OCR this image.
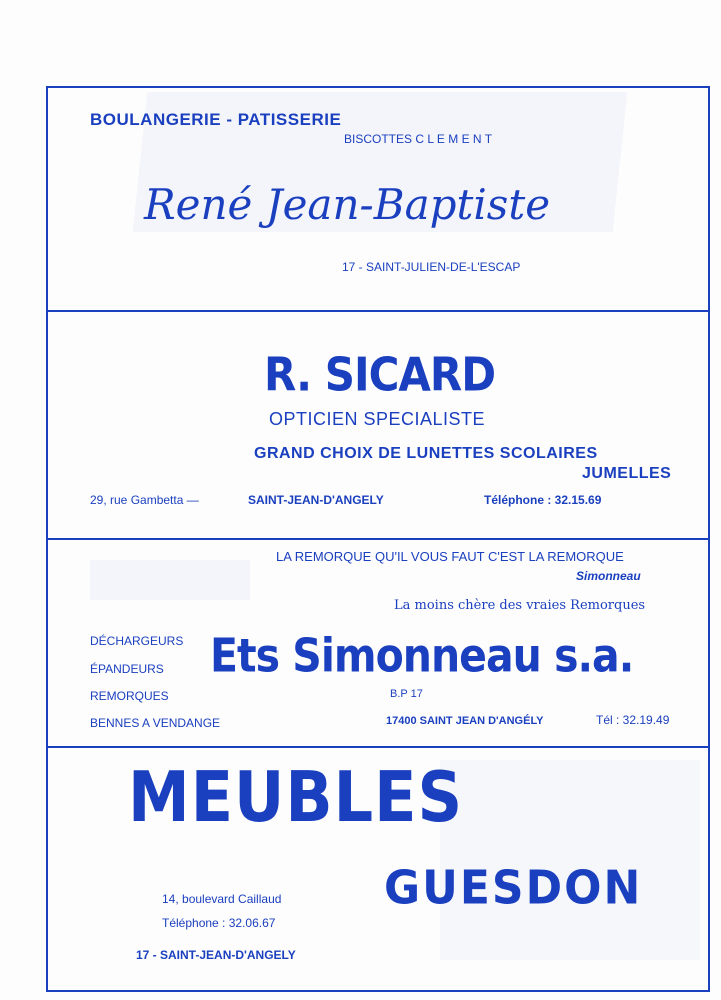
BOULANGERIE - PATISSERIE
BISCOTTES C L E M E N T
René Jean-Baptiste
17 - SAINT-JULIEN-DE-L'ESCAP
R. SICARD
OPTICIEN SPECIALISTE
GRAND CHOIX DE LUNETTES SCOLAIRES
JUMELLES
29, rue Gambetta —	SAINT-JEAN-D'ANGELY	Téléphone : 32.15.69
LA REMORQUE QU'IL VOUS FAUT C'EST LA REMORQUE
Simonneau
La moins chère des vraies Remorques
DÉCHARGEURS
ÉPANDEURS
REMORQUES
BENNES A VENDANGE
Ets Simonneau s.a.
B.P 17
17400 SAINT JEAN D'ANGÉLY	Tél : 32.19.49
MEUBLES
GUESDON
14, boulevard Caillaud
Téléphone : 32.06.67
17 - SAINT-JEAN-D'ANGELY
